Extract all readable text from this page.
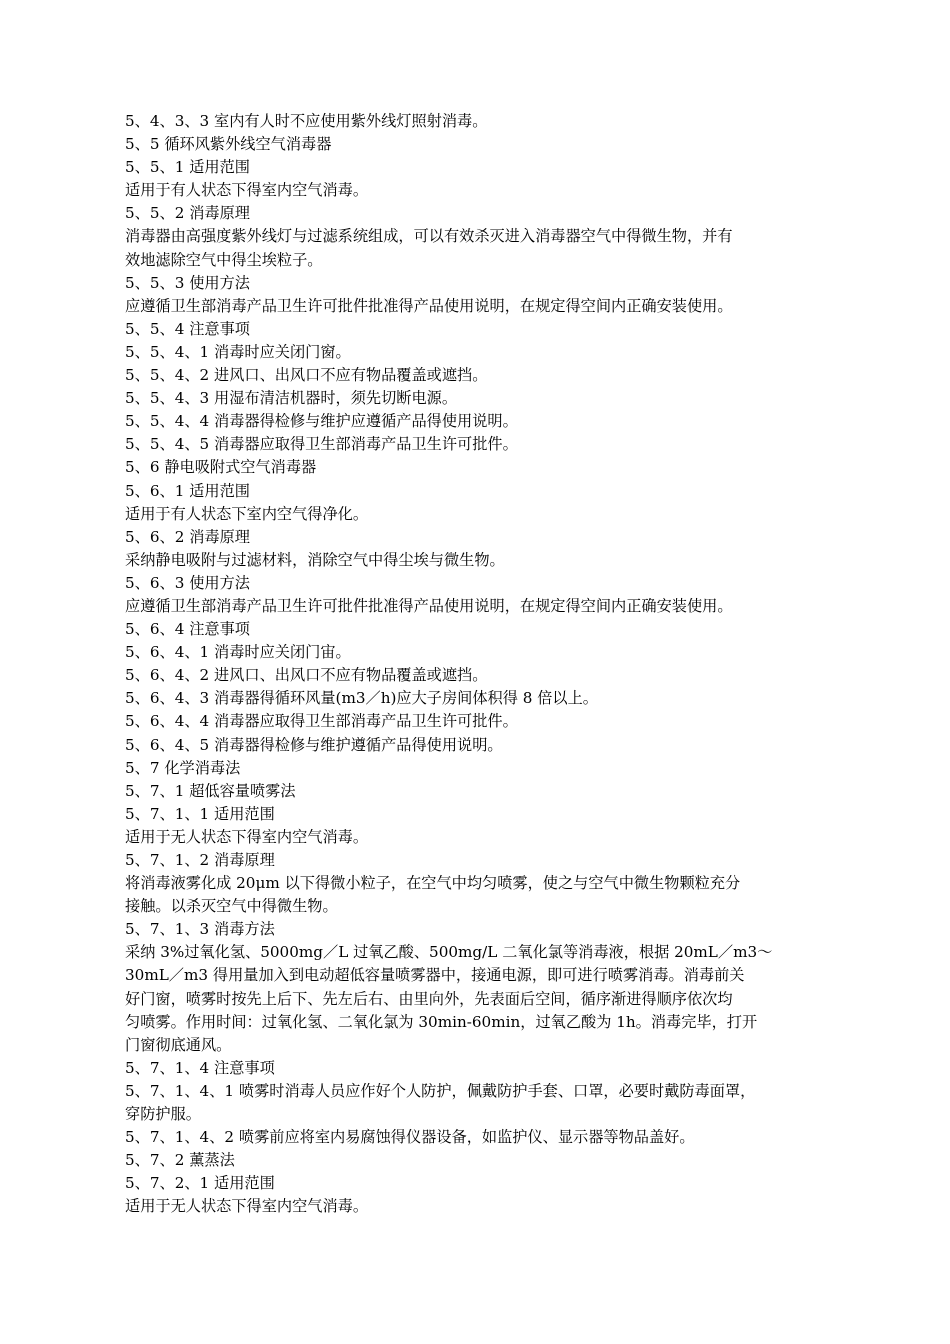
5、4、3、3 室内有人时不应使用紫外线灯照射消毒。
5、5 循环风紫外线空气消毒器
5、5、1 适用范围
适用于有人状态下得室内空气消毒。
5、5、2 消毒原理
消毒器由高强度紫外线灯与过滤系统组成，可以有效杀灭进入消毒器空气中得微生物，并有
效地滤除空气中得尘埃粒子。
5、5、3 使用方法
应遵循卫生部消毒产品卫生许可批件批准得产品使用说明，在规定得空间内正确安装使用。
5、5、4 注意事项
5、5、4、1 消毒时应关闭门窗。
5、5、4、2 进风口、出风口不应有物品覆盖或遮挡。
5、5、4、3 用湿布清洁机器时，须先切断电源。
5、5、4、4 消毒器得检修与维护应遵循产品得使用说明。
5、5、4、5 消毒器应取得卫生部消毒产品卫生许可批件。
5、6 静电吸附式空气消毒器
5、6、1 适用范围
适用于有人状态下室内空气得净化。
5、6、2 消毒原理
采纳静电吸附与过滤材料，消除空气中得尘埃与微生物。
5、6、3 使用方法
应遵循卫生部消毒产品卫生许可批件批准得产品使用说明，在规定得空间内正确安装使用。
5、6、4 注意事项
5、6、4、1 消毒时应关闭门宙。
5、6、4、2 进风口、出风口不应有物品覆盖或遮挡。
5、6、4、3 消毒器得循环风量(m3／h)应大子房间体积得 8 倍以上。
5、6、4、4 消毒器应取得卫生部消毒产品卫生许可批件。
5、6、4、5 消毒器得检修与维护遵循产品得使用说明。
5、7 化学消毒法
5、7、1 超低容量喷雾法
5、7、1、1 适用范围
适用于无人状态下得室内空气消毒。
5、7、1、2 消毒原理
将消毒液雾化成 20μm 以下得微小粒子，在空气中均匀喷雾，使之与空气中微生物颗粒充分
接触。以杀灭空气中得微生物。
5、7、1、3 消毒方法
采纳 3%过氧化氢、5000mg／L 过氧乙酸、500mg/L 二氧化氯等消毒液，根据 20mL／m3～
30mL／m3 得用量加入到电动超低容量喷雾器中，接通电源，即可进行喷雾消毒。消毒前关
好门窗，喷雾时按先上后下、先左后右、由里向外，先表面后空间，循序渐进得顺序依次均
匀喷雾。作用时间：过氧化氢、二氧化氯为 30min-60min，过氧乙酸为 1h。消毒完毕，打开
门窗彻底通风。
5、7、1、4 注意事项
5、7、1、4、1 喷雾时消毒人员应作好个人防护，佩戴防护手套、口罩，必要时戴防毒面罩，
穿防护服。
5、7、1、4、2 喷雾前应将室内易腐蚀得仪器设备，如监护仪、显示器等物品盖好。
5、7、2 薰蒸法
5、7、2、1 适用范围
适用于无人状态下得室内空气消毒。
